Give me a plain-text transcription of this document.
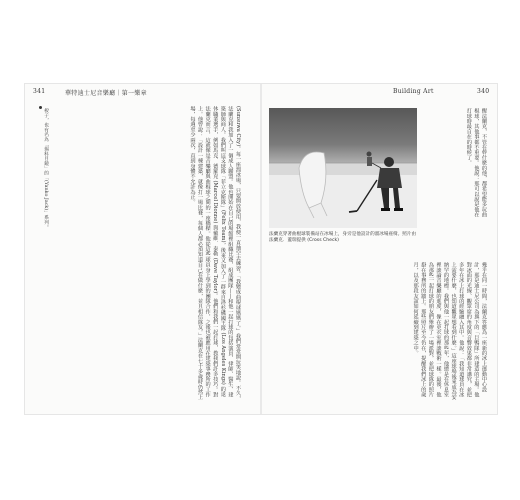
341	華特迪士尼音樂廳｜第一樂章	Building Art	340
板子，也有名為「揚科目鏡」的「(Yanko Jack)」系列。	(Sunsuwa City)。每一座溜冰場，只要開放使用，我便一直抽空去練習。「我變成曲棍球媽媽了。」我們常常開玩笑地說。不久，法蘭克和我加入了一個成人聯盟。他也開始在自己的場館裡組織比賽，組成團隊——和他一起打球的包括演員、律師、醫生、建築師與商人。我們叫這支球隊「菲立克斯隊」(Felix Team)，後來又加入了一群來自洛杉磯國王隊 (Los Angeles Kings) 的退休職業選手，例如馬克．德羅克 (Marcel Dionne) 與戴維．泰勒 (Dave Taylor)。他們和我們一起打球，教我們許多技巧。對法蘭克而言，這就像是音樂廳與曲棍球之間的一座橋樑。他從這些球員身上學到的團隊合作，之後也被應用在建築事務所的工作上。他曾說：「設計一棟建築，就像打一場比賽，每個人都必須知道自己在做什麼，並且相信隊友。」法蘭克在七十多歲時仍然上場，每週至少兩次，直到身體不允許為止。
法蘭克穿著曲棍球裝備站在冰場上，身旁是他設計的溜冰場座椅。照片由法蘭克．蓋瑞提供 (Cross Check)
醒法蘭克，不管在幹什麼的他，都希望能多玩曲棍球，其他事都不重要。他說：那可以說是他在打球時最自在的時候了。
幾乎在同一時間，法蘭克答應為一座新的冰上運動中心設計，那是迪士尼公司為旗下的「巨鴨隊」所建造的主場。他對冰面的光線、觀眾席的角度與音響效果都非常講究，並把多年在冰上打球的經驗融入其中。他說：「我知道球員在冰上需要什麼，也知道觀眾想看到什麼。」這座球場後來成為安納罕的地標。我們與他一起打球的那些年，他總是在休息室裡談論音樂廳的進度，像在更衣室裡談戰術一樣。最後，他為那些一起打球的朋友們舉辦了一場派對，並把球隊的照片掛在事務所的牆上。那些照片至今仍在，提醒我們冰上的歲月，以及那段友誼如何延續到建築之中。
